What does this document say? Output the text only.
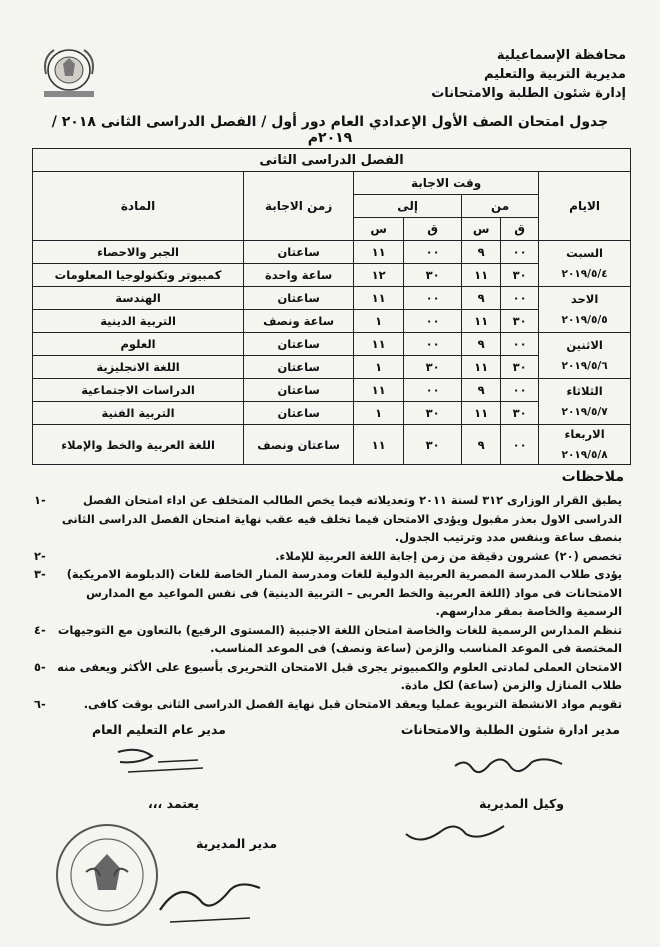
محافظة الإسماعيلية
مديرية التربية والتعليم
إدارة شئون الطلبة والامتحانات
جدول امتحان الصف الأول الإعدادي العام دور أول / الفصل الدراسى الثانى ٢٠١٨ / ٢٠١٩م
الفصل الدراسى الثانى						
الايام	وقت الاجابة				زمن الاجابة	المادة
	من		إلى			
	ق	س	ق	س		

السبت
٢٠١٩/٥/٤	٠٠	٩	٠٠	١١	ساعتان	الجبر والاحصاء
	٣٠	١١	٣٠	١٢	ساعة واحدة	كمبيوتر وتكنولوجيا المعلومات

الاحد
٢٠١٩/٥/٥	٠٠	٩	٠٠	١١	ساعتان	الهندسة
	٣٠	١١	٠٠	١	ساعة ونصف	التربية الدينية

الاثنين
٢٠١٩/٥/٦	٠٠	٩	٠٠	١١	ساعتان	العلوم
	٣٠	١١	٣٠	١	ساعتان	اللغة الانجليزية

الثلاثاء
٢٠١٩/٥/٧	٠٠	٩	٠٠	١١	ساعتان	الدراسات الاجتماعية
	٣٠	١١	٣٠	١	ساعتان	التربية الفنية

الاربعاء
٢٠١٩/٥/٨	٠٠	٩	٣٠	١١	ساعتان ونصف	اللغة العربية والخط والإملاء
ملاحظات
يطبق القرار الوزارى ٣١٢ لسنة ٢٠١١ وتعديلاته فيما يخص الطالب المتخلف عن اداء امتحان الفصل الدراسى الاول بعذر مقبول ويؤدى الامتحان فيما تخلف فيه عقب نهاية امتحان الفصل الدراسى الثانى بنصف ساعة وبنفس مدد وترتيب الجدول.
-١
تخصص (٢٠) عشرون دقيقة من زمن إجابة اللغة العربية للإملاء.
-٢
يؤدى طلاب المدرسة المصرية العربية الدولية للغات ومدرسة المنار الخاصة للغات (الدبلومة الامريكية) الامتحانات فى مواد (اللغة العربية والخط العربى – التربية الدينية) فى نفس المواعيد مع المدارس الرسمية والخاصة بمقر مدارسهم.
-٣
تنظم المدارس الرسمية للغات والخاصة امتحان اللغة الاجنبية (المستوى الرفيع) بالتعاون مع التوجيهات المختصة فى الموعد المناسب والزمن (ساعة ونصف) فى الموعد المناسب.
-٤
الامتحان العملى لمادتى العلوم والكمبيوتر يجرى قبل الامتحان التحريرى بأسبوع على الأكثر ويعفى منه طلاب المنازل والزمن (ساعة) لكل مادة.
-٥
تقويم مواد الانشطة التربوية عمليا ويعقد الامتحان قبل نهاية الفصل الدراسى الثانى بوقت كافى.
-٦
مدير ادارة شئون الطلبة والامتحانات
مدير عام التعليم العام
وكيل المديرية
يعتمد ،،،
مدير المديرية
